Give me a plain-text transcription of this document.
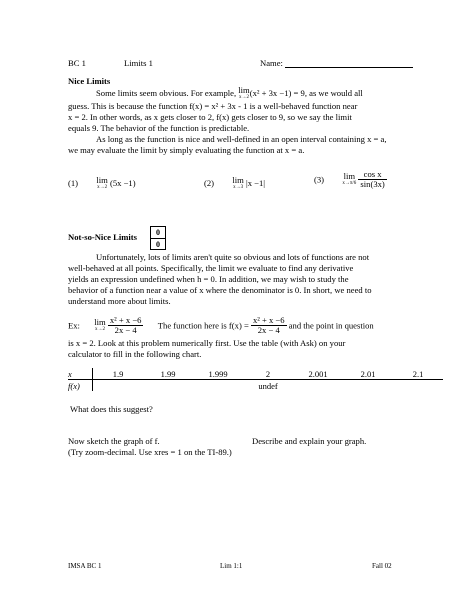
BC 1	Limits 1	Name:
Nice Limits
Some limits seem obvious. For example, lim
x→2 (x² + 3x −1) = 9, as we would all
guess. This is because the function f(x) = x² + 3x - 1 is a well-behaved function near
x = 2. In other words, as x gets closer to 2, f(x) gets closer to 9, so we say the limit
equals 9. The behavior of the function is predictable.
As long as the function is nice and well-defined in an open interval containing x = a,
we may evaluate the limit by simply evaluating the function at x = a.
(1) lim
x→2 (5x −1)	(2) lim
x→3 |x −1|	(3) lim
x→π/6
$\frac{\text{cos x}}{\sin(3x)}$
Not-so-Nice Limits	0
0
Unfortunately, lots of limits aren't quite so obvious and lots of functions are not
well-behaved at all points. Specifically, the limit we evaluate to find any derivative
yields an expression undefined when h = 0. In addition, we may wish to study the
behavior of a function near a value of x where the denominator is 0. In short, we need to
understand more about limits.
Ex: lim
x→2
$\frac{\text{x² + x −6}}{2x - 4}$ The function here is $f(x) = \frac{\text{x² + x −6}}{2x - 4}$ and the point in question
is x = 2. Look at this problem numerically first. Use the table (with Ask) on your
calculator to fill in the following chart.
x	1.9	1.99	1.999	2	2.001	2.01	2.1
f(x)				undef			
What does this suggest?
Now sketch the graph of f.	Describe and explain your graph.
(Try zoom-decimal. Use xres = 1 on the TI-89.)
IMSA BC 1	Lim 1:1	Fall 02
